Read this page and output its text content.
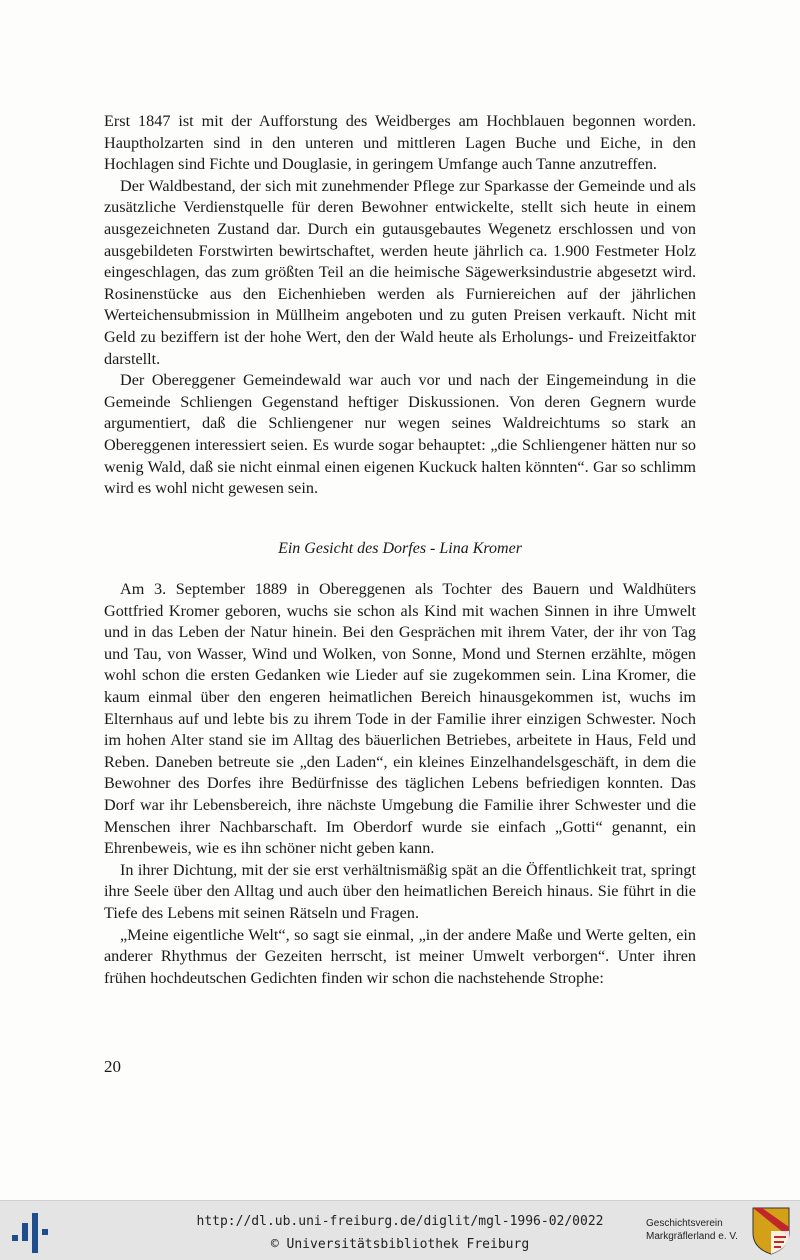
Erst 1847 ist mit der Aufforstung des Weidberges am Hochblauen begonnen worden. Hauptholzarten sind in den unteren und mittleren Lagen Buche und Eiche, in den Hochlagen sind Fichte und Douglasie, in geringem Umfange auch Tanne anzutreffen.

Der Waldbestand, der sich mit zunehmender Pflege zur Sparkasse der Gemeinde und als zusätzliche Verdienstquelle für deren Bewohner entwickelte, stellt sich heute in einem ausgezeichneten Zustand dar. Durch ein gutausgebautes Wegenetz erschlossen und von ausgebildeten Forstwirten bewirtschaftet, werden heute jährlich ca. 1.900 Festmeter Holz eingeschlagen, das zum größten Teil an die heimische Sägewerksindustrie abgesetzt wird. Rosinenstücke aus den Eichenhieben werden als Furniereichen auf der jährlichen Werteichensubmission in Müllheim angeboten und zu guten Preisen verkauft. Nicht mit Geld zu beziffern ist der hohe Wert, den der Wald heute als Erholungs- und Freizeitfaktor darstellt.

Der Obereggener Gemeindewald war auch vor und nach der Eingemeindung in die Gemeinde Schliengen Gegenstand heftiger Diskussionen. Von deren Gegnern wurde argumentiert, daß die Schliengener nur wegen seines Waldreichtums so stark an Obereggenen interessiert seien. Es wurde sogar behauptet: „die Schliengener hätten nur so wenig Wald, daß sie nicht einmal einen eigenen Kuckuck halten könnten“. Gar so schlimm wird es wohl nicht gewesen sein.

Ein Gesicht des Dorfes - Lina Kromer

Am 3. September 1889 in Obereggenen als Tochter des Bauern und Waldhüters Gottfried Kromer geboren, wuchs sie schon als Kind mit wachen Sinnen in ihre Umwelt und in das Leben der Natur hinein. Bei den Gesprächen mit ihrem Vater, der ihr von Tag und Tau, von Wasser, Wind und Wolken, von Sonne, Mond und Sternen erzählte, mögen wohl schon die ersten Gedanken wie Lieder auf sie zugekommen sein. Lina Kromer, die kaum einmal über den engeren heimatlichen Bereich hinausgekommen ist, wuchs im Elternhaus auf und lebte bis zu ihrem Tode in der Familie ihrer einzigen Schwester. Noch im hohen Alter stand sie im Alltag des bäuerlichen Betriebes, arbeitete in Haus, Feld und Reben. Daneben betreute sie „den Laden“, ein kleines Einzelhandelsgeschäft, in dem die Bewohner des Dorfes ihre Bedürfnisse des täglichen Lebens befriedigen konnten. Das Dorf war ihr Lebensbereich, ihre nächste Umgebung die Familie ihrer Schwester und die Menschen ihrer Nachbarschaft. Im Oberdorf wurde sie einfach „Gotti“ genannt, ein Ehrenbeweis, wie es ihn schöner nicht geben kann.

In ihrer Dichtung, mit der sie erst verhältnismäßig spät an die Öffentlichkeit trat, springt ihre Seele über den Alltag und auch über den heimatlichen Bereich hinaus. Sie führt in die Tiefe des Lebens mit seinen Rätseln und Fragen.

„Meine eigentliche Welt“, so sagt sie einmal, „in der andere Maße und Werte gelten, ein anderer Rhythmus der Gezeiten herrscht, ist meiner Umwelt verborgen“. Unter ihren frühen hochdeutschen Gedichten finden wir schon die nachstehende Strophe:

20

http://dl.ub.uni-freiburg.de/diglit/mgl-1996-02/0022
© Universitätsbibliothek Freiburg
Geschichtsverein
Markgräflerland e. V.
